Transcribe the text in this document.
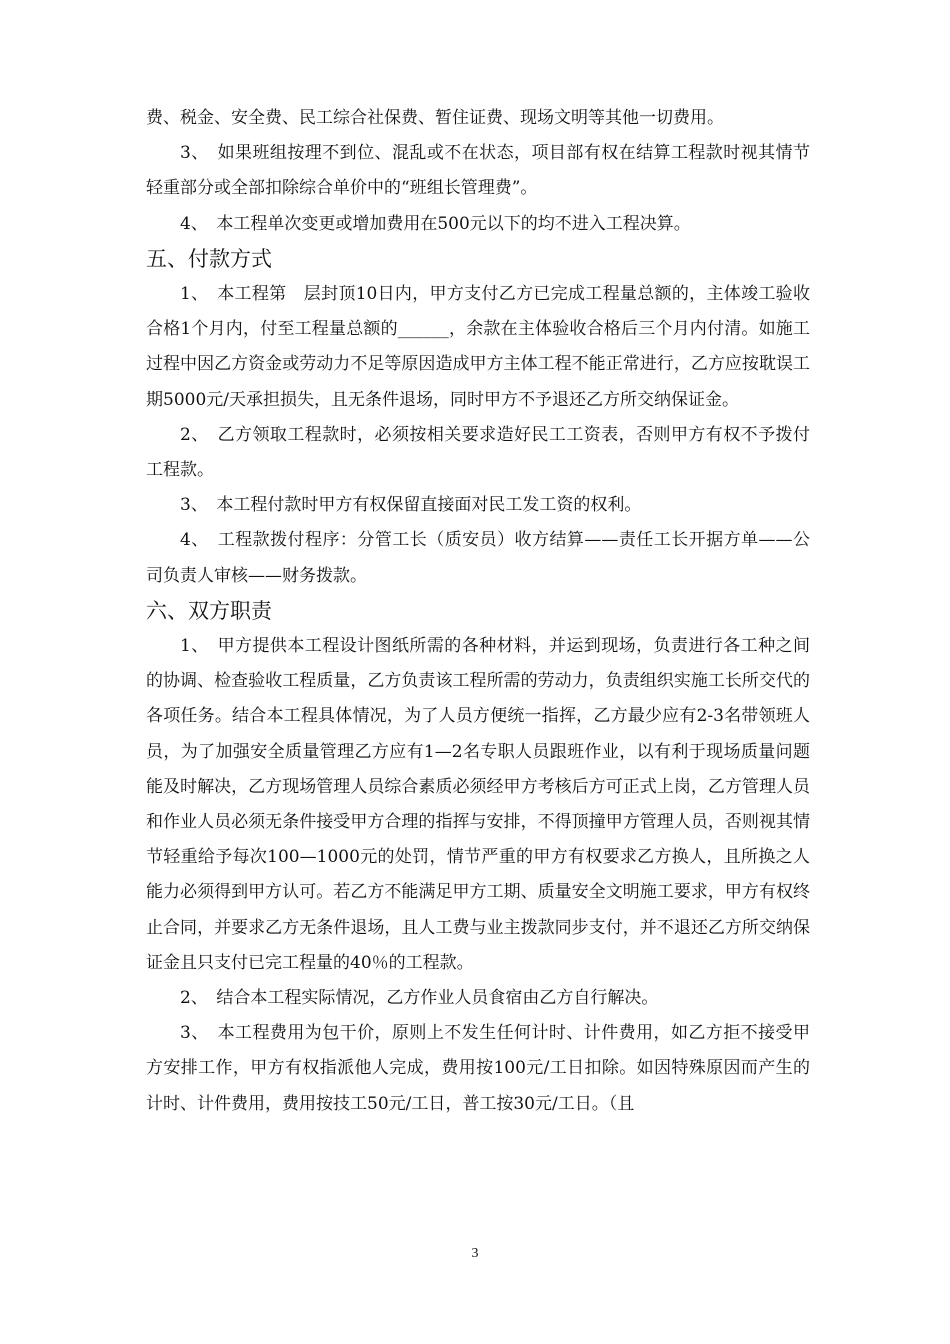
费、税金、安全费、民工综合社保费、暂住证费、现场文明等其他一切费用。

3、　如果班组按理不到位、混乱或不在状态，项目部有权在结算工程款时视其情节轻重部分或全部扣除综合单价中的“班组长管理费”。

4、　本工程单次变更或增加费用在500元以下的均不进入工程决算。

五、付款方式

1、　本工程第　层封顶10日内，甲方支付乙方已完成工程量总额的，主体竣工验收合格1个月内，付至工程量总额的______，余款在主体验收合格后三个月内付清。如施工过程中因乙方资金或劳动力不足等原因造成甲方主体工程不能正常进行，乙方应按耽误工期5000元/天承担损失，且无条件退场，同时甲方不予退还乙方所交纳保证金。

2、　乙方领取工程款时，必须按相关要求造好民工工资表，否则甲方有权不予拨付工程款。

3、　本工程付款时甲方有权保留直接面对民工发工资的权利。

4、　工程款拨付程序：分管工长（质安员）收方结算——责任工长开据方单——公司负责人审核——财务拨款。

六、双方职责

1、　甲方提供本工程设计图纸所需的各种材料，并运到现场，负责进行各工种之间的协调、检查验收工程质量，乙方负责该工程所需的劳动力，负责组织实施工长所交代的各项任务。结合本工程具体情况，为了人员方便统一指挥，乙方最少应有2-3名带领班人员，为了加强安全质量管理乙方应有1—2名专职人员跟班作业，以有利于现场质量问题能及时解决，乙方现场管理人员综合素质必须经甲方考核后方可正式上岗，乙方管理人员和作业人员必须无条件接受甲方合理的指挥与安排，不得顶撞甲方管理人员，否则视其情节轻重给予每次100—1000元的处罚，情节严重的甲方有权要求乙方换人，且所换之人能力必须得到甲方认可。若乙方不能满足甲方工期、质量安全文明施工要求，甲方有权终止合同，并要求乙方无条件退场，且人工费与业主拨款同步支付，并不退还乙方所交纳保证金且只支付已完工程量的40％的工程款。

2、　结合本工程实际情况，乙方作业人员食宿由乙方自行解决。

3、　本工程费用为包干价，原则上不发生任何计时、计件费用，如乙方拒不接受甲方安排工作，甲方有权指派他人完成，费用按100元/工日扣除。如因特殊原因而产生的计时、计件费用，费用按技工50元/工日，普工按30元/工日。（且

3
